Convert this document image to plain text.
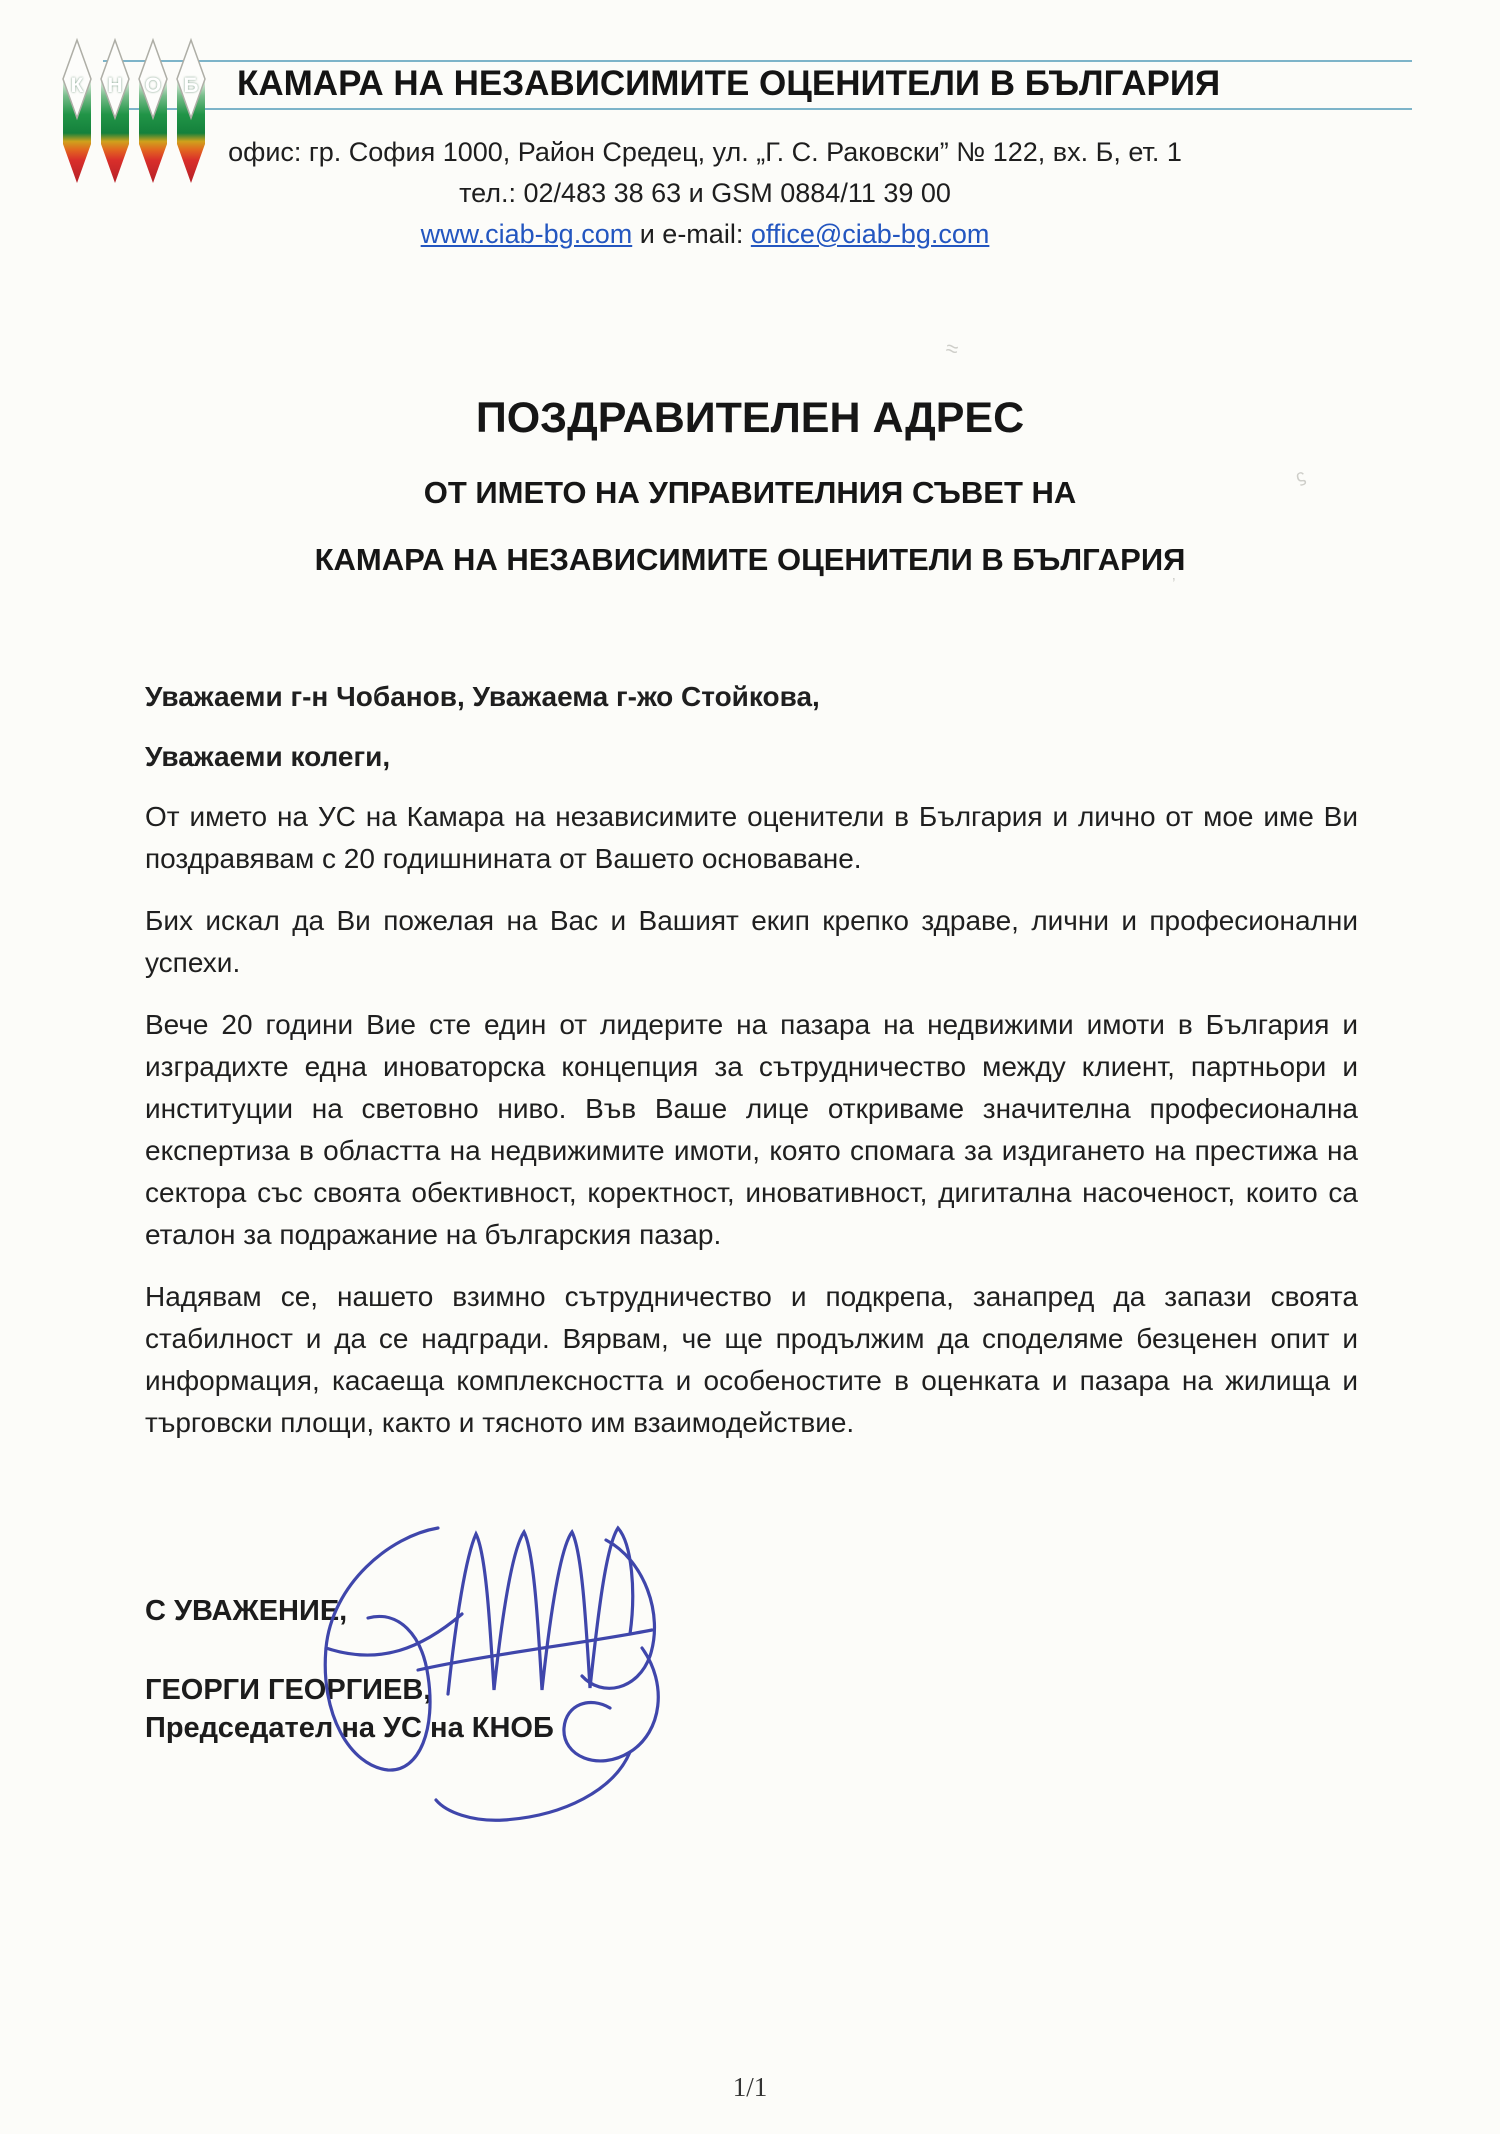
К	Н	О	Б КАМАРА НА НЕЗАВИСИМИТЕ ОЦЕНИТЕЛИ В БЪЛГАРИЯ
офис: гр. София 1000, Район Средец, ул. „Г. С. Раковски” № 122, вх. Б, ет. 1
тел.: 02/483 38 63 и GSM 0884/11 39 00
www.ciab-bg.com и e-mail: office@ciab-bg.com
ПОЗДРАВИТЕЛЕН АДРЕС
ОТ ИМЕТО НА УПРАВИТЕЛНИЯ СЪВЕТ НА
КАМАРА НА НЕЗАВИСИМИТЕ ОЦЕНИТЕЛИ В БЪЛГАРИЯ

Уважаеми г-н Чобанов, Уважаема г-жо Стойкова,

Уважаеми колеги,

От името на УС на Камара на независимите оценители в България и лично от мое име Ви поздравявам с 20 годишнината от Вашето основаване.

Бих искал да Ви пожелая на Вас и Вашият екип крепко здраве, лични и професионални успехи.

Вече 20 години Вие сте един от лидерите на пазара на недвижими имоти в България и изградихте една иноваторска концепция за сътрудничество между клиент, партньори и институции на световно ниво. Във Ваше лице откриваме значителна професионална експертиза в областта на недвижимите имоти, която спомага за издигането на престижа на сектора със своята обективност, коректност, иновативност, дигитална насоченост, които са еталон за подражание на българския пазар.

Надявам се, нашето взимно сътрудничество и подкрепа, занапред да запази своята стабилност и да се надгради. Вярвам, че ще продължим да споделяме безценен опит и информация, касаеща комплексността и особеностите в оценката и пазара на жилища и търговски площи, както и тясното им взаимодействие.

С УВАЖЕНИЕ,
ГЕОРГИ ГЕОРГИЕВ,
Председател на УС на КНОБ
≈
ϛ
’
1/1
